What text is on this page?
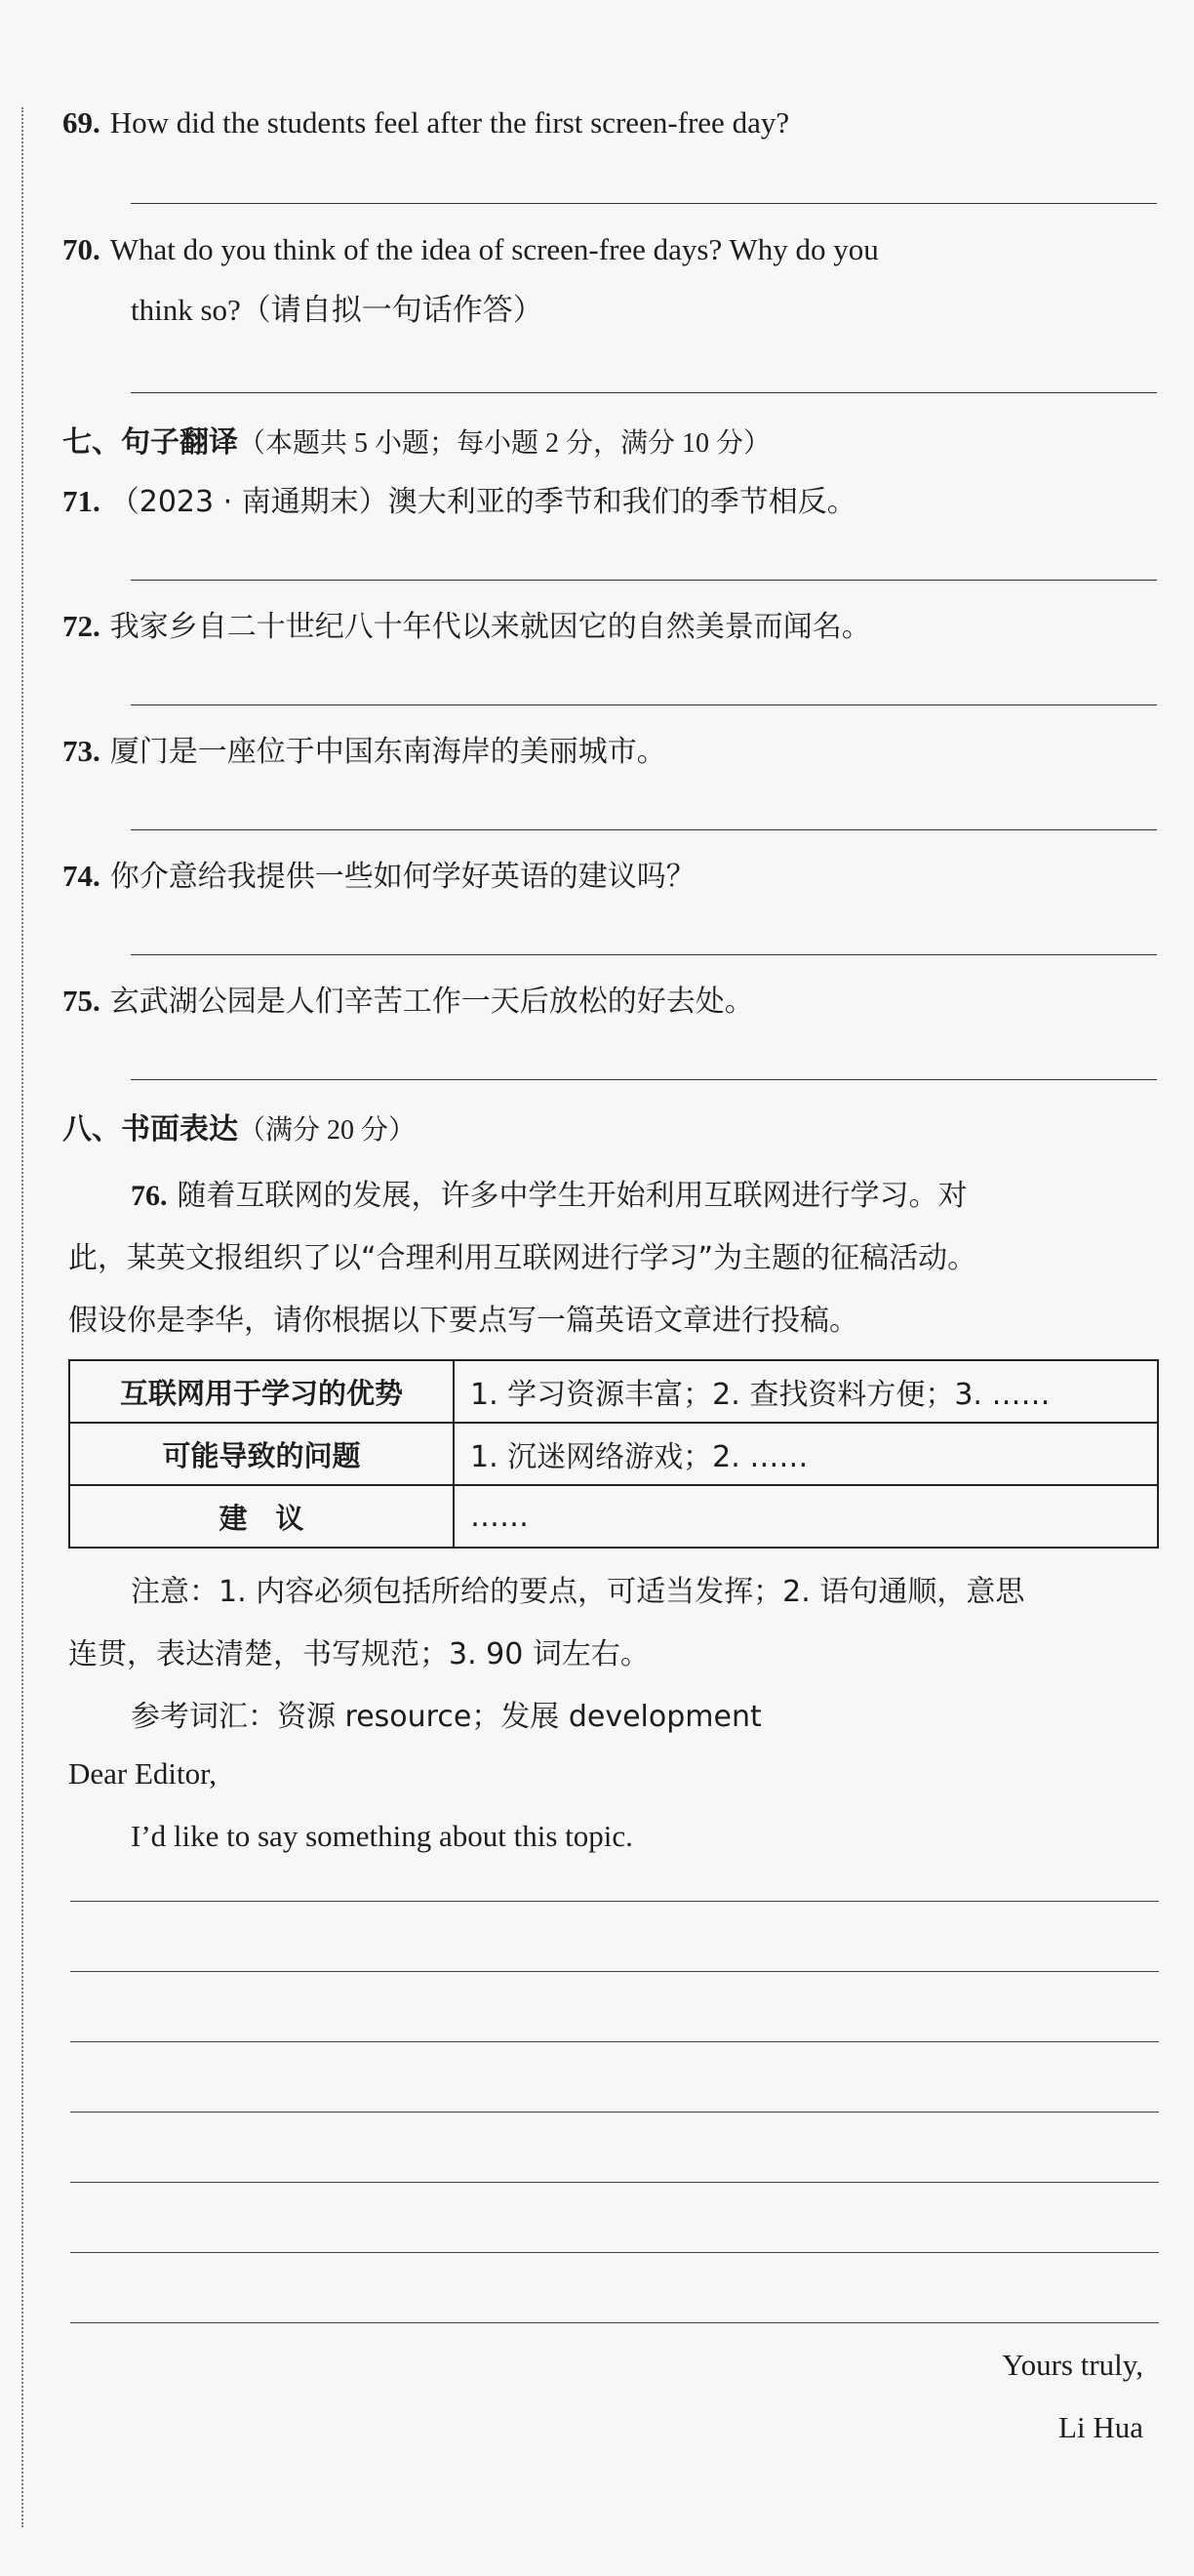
69. How did the students feel after the first screen-free day?
70. What do you think of the idea of screen-free days? Why do you
think so?（请自拟一句话作答）
七、句子翻译（本题共 5 小题；每小题 2 分，满分 10 分）
71. （2023 · 南通期末）澳大利亚的季节和我们的季节相反。
72. 我家乡自二十世纪八十年代以来就因它的自然美景而闻名。
73. 厦门是一座位于中国东南海岸的美丽城市。
74. 你介意给我提供一些如何学好英语的建议吗？
75. 玄武湖公园是人们辛苦工作一天后放松的好去处。
八、书面表达（满分 20 分）
76. 随着互联网的发展，许多中学生开始利用互联网进行学习。对
此，某英文报组织了以“合理利用互联网进行学习”为主题的征稿活动。
假设你是李华，请你根据以下要点写一篇英语文章进行投稿。
互联网用于学习的优势	1. 学习资源丰富；2. 查找资料方便；3. ……
可能导致的问题	1. 沉迷网络游戏；2. ……
建　议	……
注意：1. 内容必须包括所给的要点，可适当发挥；2. 语句通顺，意思
连贯，表达清楚，书写规范；3. 90 词左右。
参考词汇：资源 resource；发展 development
Dear Editor,
I’d like to say something about this topic.
Yours truly,
Li Hua
